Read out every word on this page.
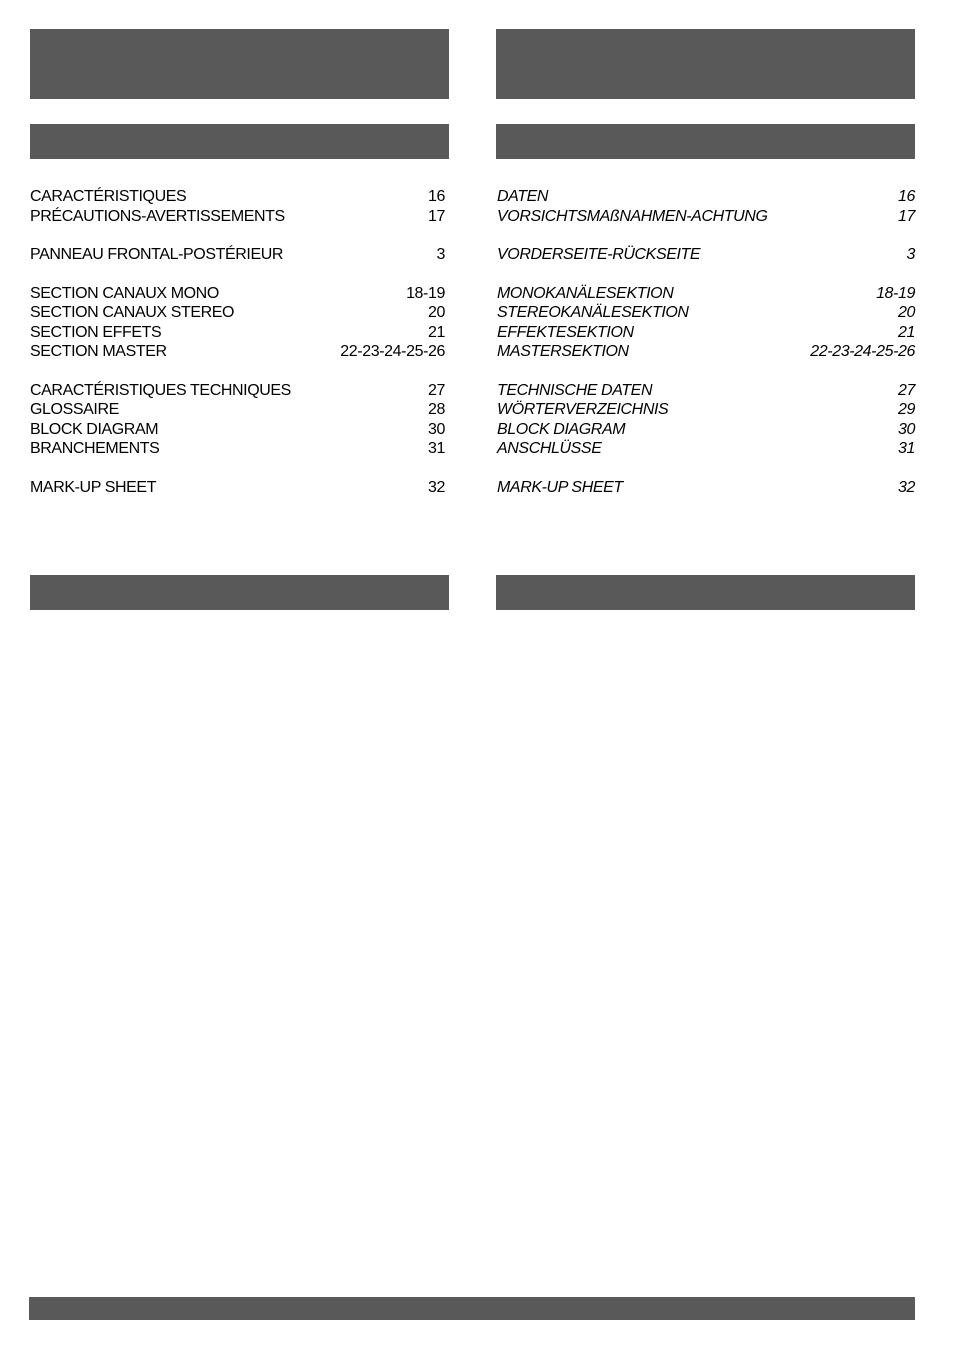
CARACTÉRISTIQUES	16
PRÉCAUTIONS-AVERTISSEMENTS	17
PANNEAU FRONTAL-POSTÉRIEUR	3
SECTION CANAUX MONO	18-19
SECTION CANAUX STEREO	20
SECTION EFFETS	21
SECTION MASTER	22-23-24-25-26
CARACTÉRISTIQUES TECHNIQUES	27
GLOSSAIRE	28
BLOCK DIAGRAM	30
BRANCHEMENTS	31
MARK-UP SHEET	32
DATEN	16
VORSICHTSMAßNAHMEN-ACHTUNG	17
VORDERSEITE-RÜCKSEITE	3
MONOKANÄLESEKTION	18-19
STEREOKANÄLESEKTION	20
EFFEKTESEKTION	21
MASTERSEKTION	22-23-24-25-26
TECHNISCHE DATEN	27
WÖRTERVERZEICHNIS	29
BLOCK DIAGRAM	30
ANSCHLÜSSE	31
MARK-UP SHEET	32
